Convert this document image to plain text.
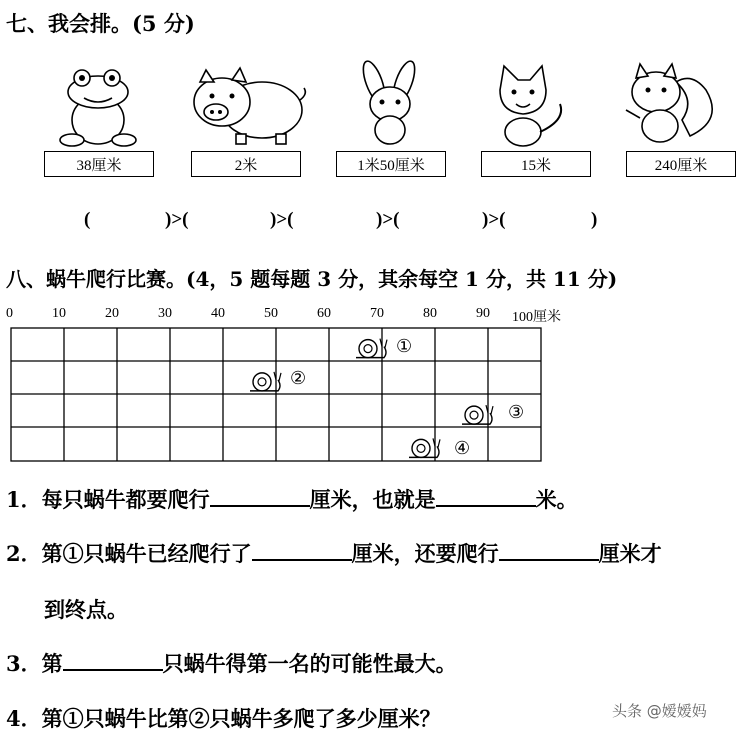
七、我会排。(5 分)
38厘米	2米	1米50厘米	15米	240厘米
(	)>(	)>(	)>(	)>(	)
八、蜗牛爬行比赛。(4，5 题每题 3 分，其余每空 1 分，共 11 分)
0	10	20	30	40	50	60	70	80	90 100厘米
①
②
③
④
1．每只蜗牛都要爬行	厘米，也就是	米。
2．第①只蜗牛已经爬行了	厘米，还要爬行	厘米才
到终点。
3．第	只蜗牛得第一名的可能性最大。
4．第①只蜗牛比第②只蜗牛多爬了多少厘米？	头条 @嫒嫒妈
